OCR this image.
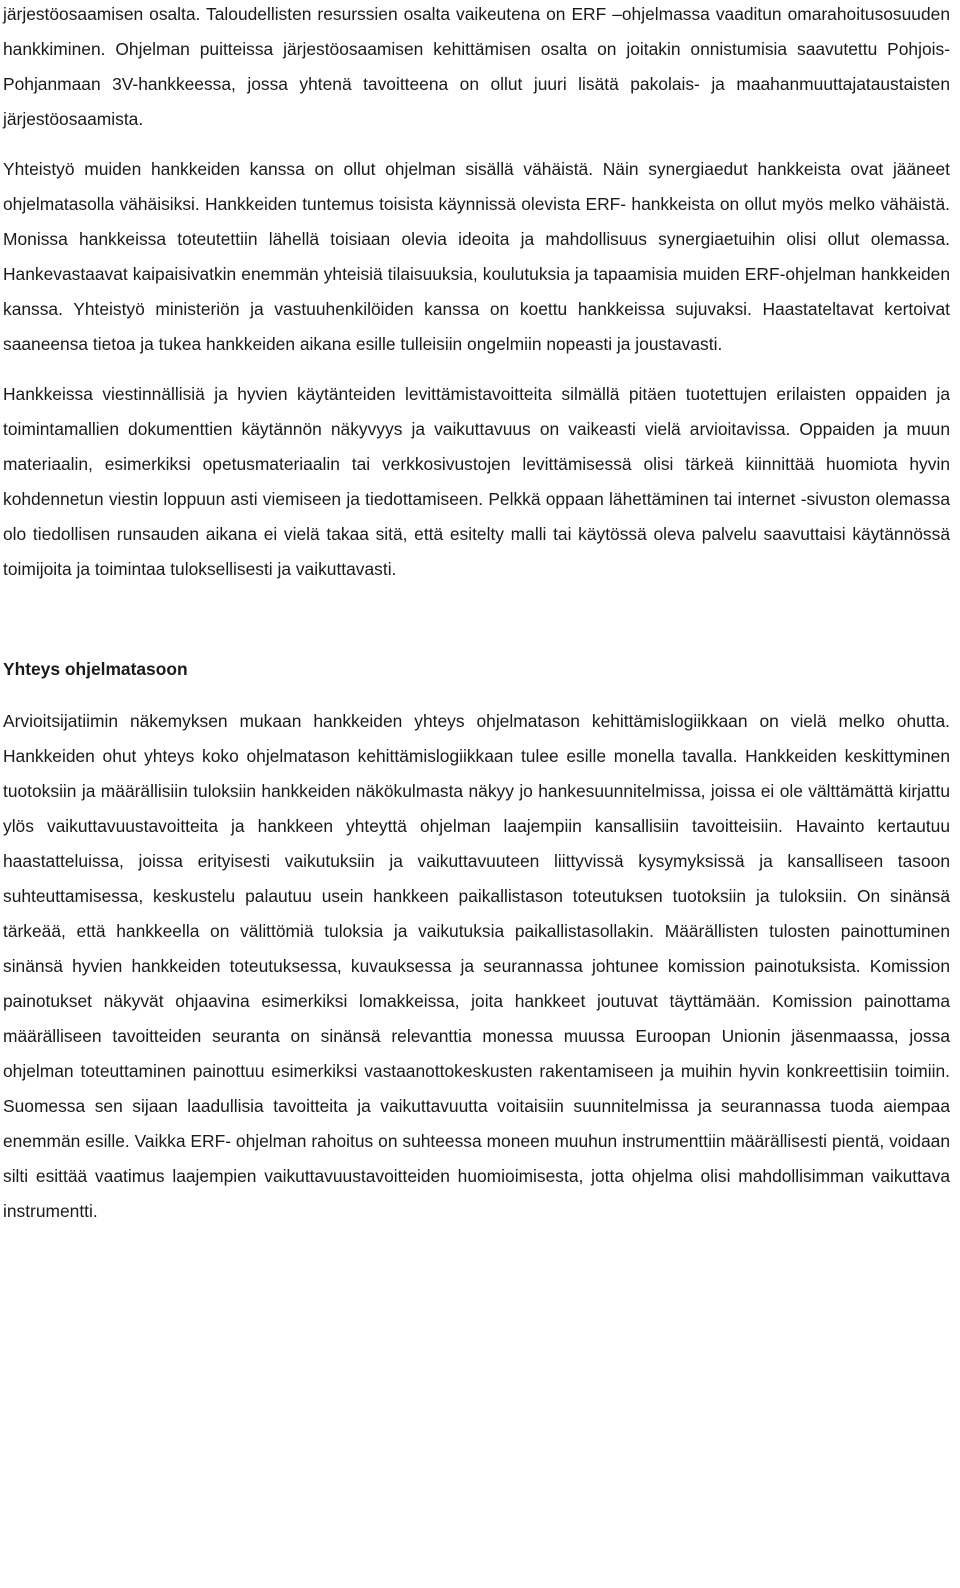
järjestöosaamisen osalta. Taloudellisten resurssien osalta vaikeutena on ERF –ohjelmassa vaaditun omarahoitusosuuden hankkiminen. Ohjelman puitteissa järjestöosaamisen kehittämisen osalta on joitakin onnistumisia saavutettu Pohjois-Pohjanmaan 3V-hankkeessa, jossa yhtenä tavoitteena on ollut juuri lisätä pakolais- ja maahanmuuttajataustaisten järjestöosaamista.

Yhteistyö muiden hankkeiden kanssa on ollut ohjelman sisällä vähäistä. Näin synergiaedut hankkeista ovat jääneet ohjelmatasolla vähäisiksi. Hankkeiden tuntemus toisista käynnissä olevista ERF- hankkeista on ollut myös melko vähäistä. Monissa hankkeissa toteutettiin lähellä toisiaan olevia ideoita ja mahdollisuus synergiaetuihin olisi ollut olemassa. Hankevastaavat kaipaisivatkin enemmän yhteisiä tilaisuuksia, koulutuksia ja tapaamisia muiden ERF-ohjelman hankkeiden kanssa. Yhteistyö ministeriön ja vastuuhenkilöiden kanssa on koettu hankkeissa sujuvaksi. Haastateltavat kertoivat saaneensa tietoa ja tukea hankkeiden aikana esille tulleisiin ongelmiin nopeasti ja joustavasti.

Hankkeissa viestinnällisiä ja hyvien käytänteiden levittämistavoitteita silmällä pitäen tuotettujen erilaisten oppaiden ja toimintamallien dokumenttien käytännön näkyvyys ja vaikuttavuus on vaikeasti vielä arvioitavissa. Oppaiden ja muun materiaalin, esimerkiksi opetusmateriaalin tai verkkosivustojen levittämisessä olisi tärkeä kiinnittää huomiota hyvin kohdennetun viestin loppuun asti viemiseen ja tiedottamiseen. Pelkkä oppaan lähettäminen tai internet -sivuston olemassa olo tiedollisen runsauden aikana ei vielä takaa sitä, että esitelty malli tai käytössä oleva palvelu saavuttaisi käytännössä toimijoita ja toimintaa tuloksellisesti ja vaikuttavasti.

Yhteys ohjelmatasoon

Arvioitsijatiimin näkemyksen mukaan hankkeiden yhteys ohjelmatason kehittämislogiikkaan on vielä melko ohutta. Hankkeiden ohut yhteys koko ohjelmatason kehittämislogiikkaan tulee esille monella tavalla. Hankkeiden keskittyminen tuotoksiin ja määrällisiin tuloksiin hankkeiden näkökulmasta näkyy jo hankesuunnitelmissa, joissa ei ole välttämättä kirjattu ylös vaikuttavuustavoitteita ja hankkeen yhteyttä ohjelman laajempiin kansallisiin tavoitteisiin. Havainto kertautuu haastatteluissa, joissa erityisesti vaikutuksiin ja vaikuttavuuteen liittyvissä kysymyksissä ja kansalliseen tasoon suhteuttamisessa, keskustelu palautuu usein hankkeen paikallistason toteutuksen tuotoksiin ja tuloksiin. On sinänsä tärkeää, että hankkeella on välittömiä tuloksia ja vaikutuksia paikallistasollakin. Määrällisten tulosten painottuminen sinänsä hyvien hankkeiden toteutuksessa, kuvauksessa ja seurannassa johtunee komission painotuksista. Komission painotukset näkyvät ohjaavina esimerkiksi lomakkeissa, joita hankkeet joutuvat täyttämään. Komission painottama määrälliseen tavoitteiden seuranta on sinänsä relevanttia monessa muussa Euroopan Unionin jäsenmaassa, jossa ohjelman toteuttaminen painottuu esimerkiksi vastaanottokeskusten rakentamiseen ja muihin hyvin konkreettisiin toimiin. Suomessa sen sijaan laadullisia tavoitteita ja vaikuttavuutta voitaisiin suunnitelmissa ja seurannassa tuoda aiempaa enemmän esille. Vaikka ERF- ohjelman rahoitus on suhteessa moneen muuhun instrumenttiin määrällisesti pientä, voidaan silti esittää vaatimus laajempien vaikuttavuustavoitteiden huomioimisesta, jotta ohjelma olisi mahdollisimman vaikuttava instrumentti.
